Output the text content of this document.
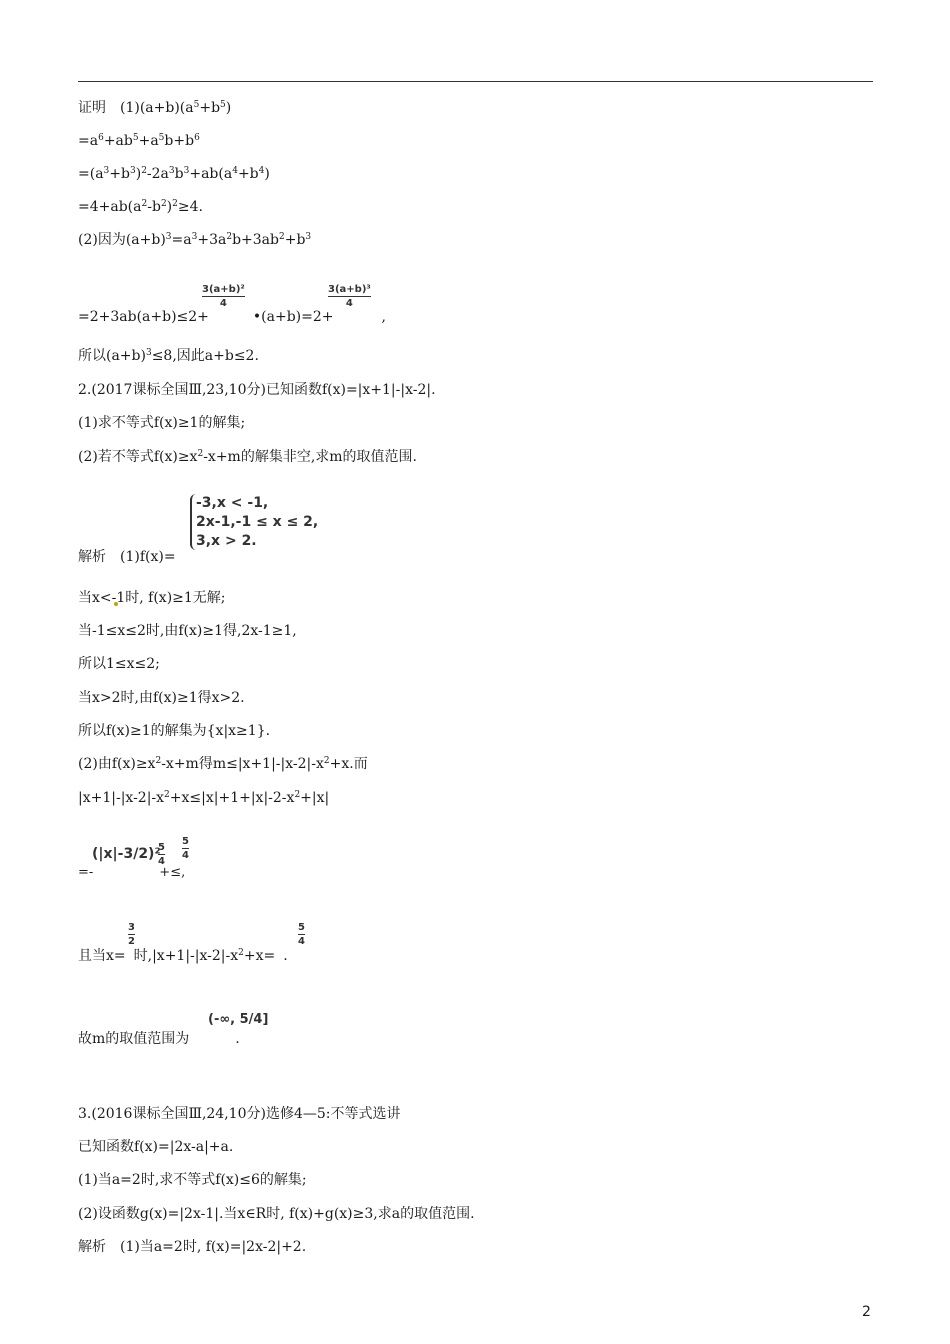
证明　$(1)(a+b)(a^5+b^5)$
$=a^6+ab^5+a^5b+b^6$
$=(a^3+b^3)^2-2a^3b^3+ab(a^4+b^4)$
$=4+ab(a^2-b^2)^2\ge 4$.
(2)因为$(a+b)^3=a^3+3a^2b+3ab^2+b^3$
3(a+b)²
4
3(a+b)³
4
=2+3ab(a+b)≤2+	•(a+b)=2+	,
所以$(a+b)^3\le 8$,因此a+b≤2.
2.(2017课标全国Ⅲ,23,10分)已知函数f(x)=|x+1|-|x-2|.
(1)求不等式f(x)≥1的解集;
(2)若不等式$f(x)\ge x^2-x+m$的解集非空,求m的取值范围.
-3,x < -1,
2x-1,-1 ≤ x ≤ 2,
3,x > 2.
解析　(1)f(x)=
当x<-1时, f(x)≥1无解;
当-1≤x≤2时,由f(x)≥1得,2x-1≥1,
所以1≤x≤2;
当x>2时,由f(x)≥1得x>2.
所以f(x)≥1的解集为{x|x≥1}.
(2)由$f(x)\ge x^2-x+m$得$m\le|x+1|-|x-2|-x^2+x$.而
$|x+1|-|x-2|-x^2+x\le|x|+1+|x|-2-x^2+|x|$
(|x|-3/2)²
5
4
5
4
=-	+≤,
3
2
5
4
且当x= 时$,|x+1|-|x-2|-x^2+x=$ .
(-∞, 5/4]
故m的取值范围为	.
3.(2016课标全国Ⅲ,24,10分)选修4—5:不等式选讲
已知函数f(x)=|2x-a|+a.
(1)当a=2时,求不等式f(x)≤6的解集;
(2)设函数g(x)=|2x-1|.当x∈R时, f(x)+g(x)≥3,求a的取值范围.
解析　(1)当a=2时, f(x)=|2x-2|+2.
2
